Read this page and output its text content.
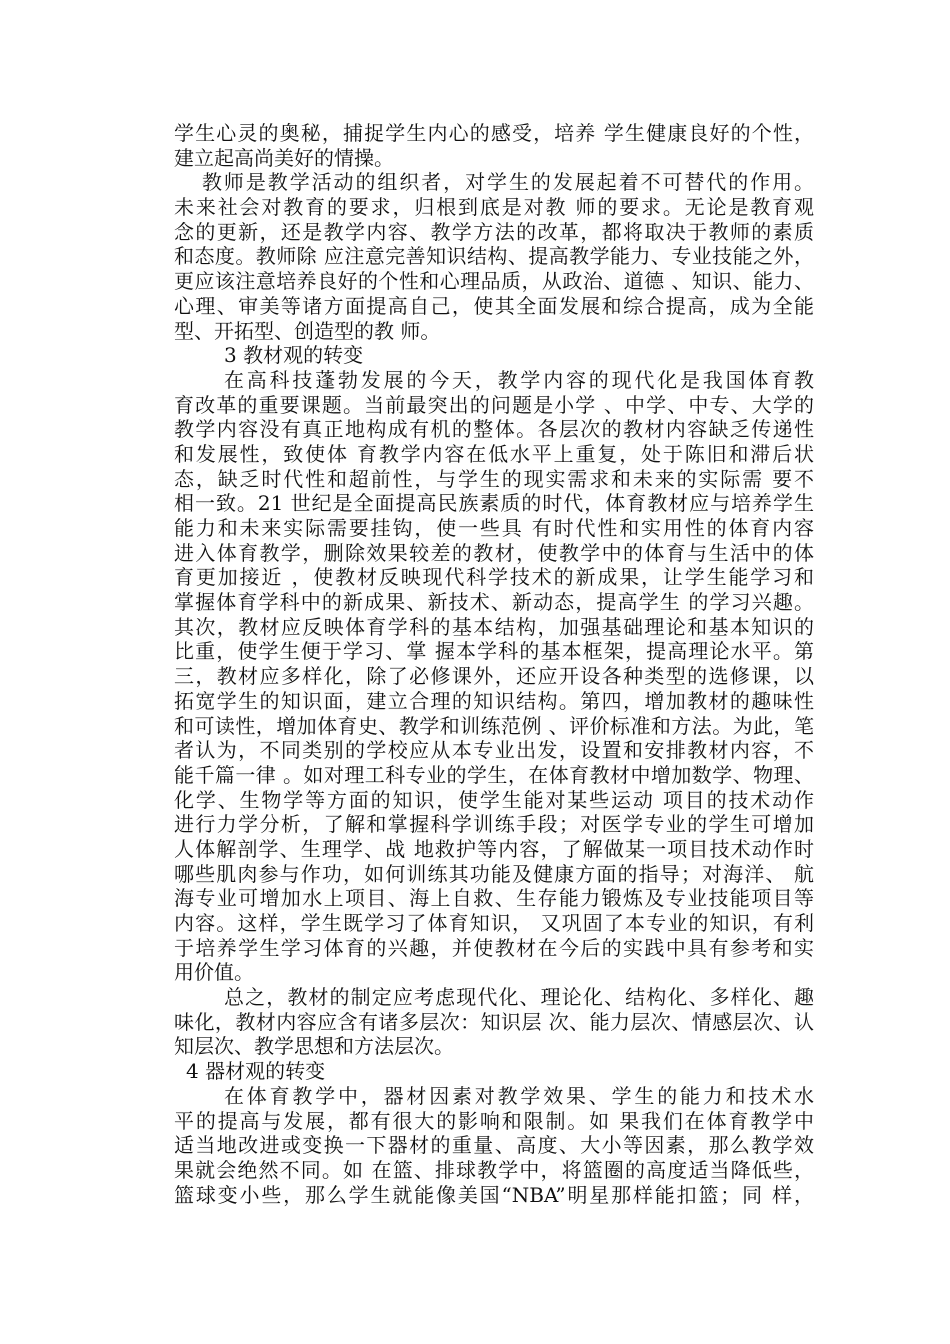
学生心灵的奥秘，捕捉学生内心的感受，培养 学生健康良好的个性，
建立起高尚美好的情操。
教师是教学活动的组织者，对学生的发展起着不可替代的作用。
未来社会对教育的要求，归根到底是对教 师的要求。无论是教育观
念的更新，还是教学内容、教学方法的改革，都将取决于教师的素质
和态度。教师除 应注意完善知识结构、提高教学能力、专业技能之外，
更应该注意培养良好的个性和心理品质，从政治、道德 、知识、能力、
心理、审美等诸方面提高自己，使其全面发展和综合提高，成为全能
型、开拓型、创造型的教 师。
3 教材观的转变
在高科技蓬勃发展的今天，教学内容的现代化是我国体育教
育改革的重要课题。当前最突出的问题是小学 、中学、中专、大学的
教学内容没有真正地构成有机的整体。各层次的教材内容缺乏传递性
和发展性，致使体 育教学内容在低水平上重复，处于陈旧和滞后状
态，缺乏时代性和超前性，与学生的现实需求和未来的实际需 要不
相一致。21 世纪是全面提高民族素质的时代，体育教材应与培养学生
能力和未来实际需要挂钩，使一些具 有时代性和实用性的体育内容
进入体育教学，删除效果较差的教材，使教学中的体育与生活中的体
育更加接近 ，使教材反映现代科学技术的新成果，让学生能学习和
掌握体育学科中的新成果、新技术、新动态，提高学生 的学习兴趣。
其次，教材应反映体育学科的基本结构，加强基础理论和基本知识的
比重，使学生便于学习、掌 握本学科的基本框架，提高理论水平。第
三，教材应多样化，除了必修课外，还应开设各种类型的选修课，以
拓宽学生的知识面，建立合理的知识结构。第四，增加教材的趣味性
和可读性，增加体育史、教学和训练范例 、评价标准和方法。为此，笔
者认为，不同类别的学校应从本专业出发，设置和安排教材内容，不
能千篇一律 。如对理工科专业的学生，在体育教材中增加数学、物理、
化学、生物学等方面的知识，使学生能对某些运动 项目的技术动作
进行力学分析，了解和掌握科学训练手段；对医学专业的学生可增加
人体解剖学、生理学、战 地救护等内容，了解做某一项目技术动作时
哪些肌肉参与作功，如何训练其功能及健康方面的指导；对海洋、 航
海专业可增加水上项目、海上自救、生存能力锻炼及专业技能项目等
内容。这样，学生既学习了体育知识， 又巩固了本专业的知识，有利
于培养学生学习体育的兴趣，并使教材在今后的实践中具有参考和实
用价值。
总之，教材的制定应考虑现代化、理论化、结构化、多样化、趣
味化，教材内容应含有诸多层次：知识层 次、能力层次、情感层次、认
知层次、教学思想和方法层次。
4 器材观的转变
在体育教学中，器材因素对教学效果、学生的能力和技术水
平的提高与发展，都有很大的影响和限制。如 果我们在体育教学中
适当地改进或变换一下器材的重量、高度、大小等因素，那么教学效
果就会绝然不同。如 在篮、排球教学中，将篮圈的高度适当降低些，
篮球变小些，那么学生就能像美国“NBA”明星那样能扣篮；同 样，
